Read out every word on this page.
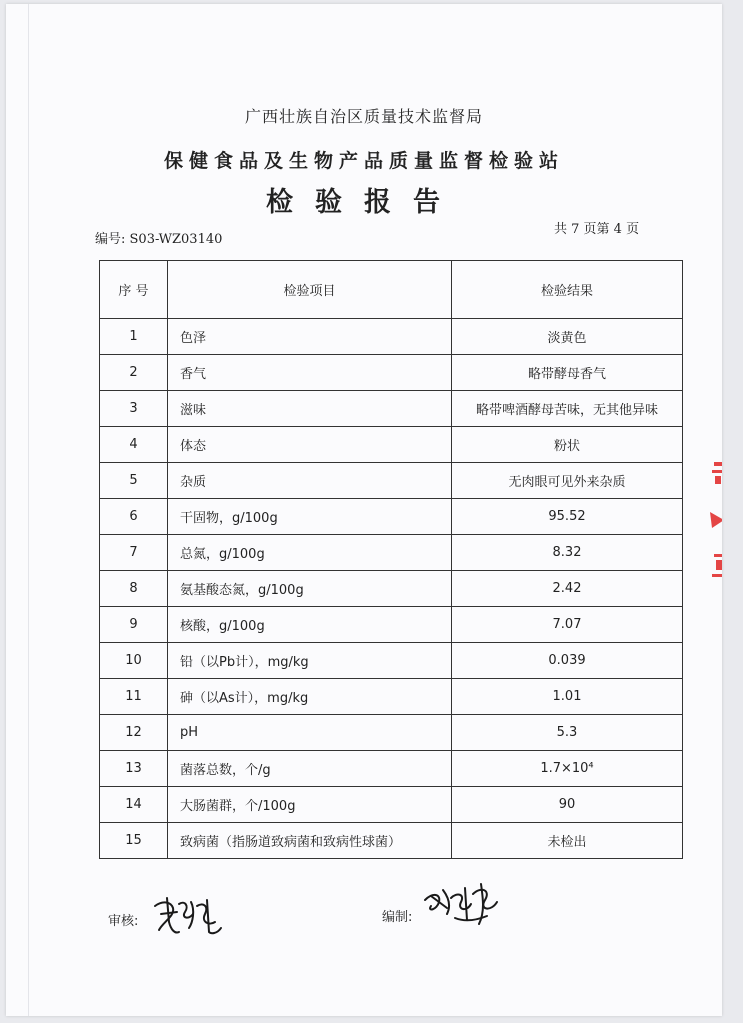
广西壮族自治区质量技术监督局
保健食品及生物产品质量监督检验站
检验报告
编号: S03-WZ03140
共 7 页第 4 页
序 号	检验项目	检验结果
1	色泽	淡黄色
2	香气	略带酵母香气
3	滋味	略带啤酒酵母苦味，无其他异味
4	体态	粉状
5	杂质	无肉眼可见外来杂质
6	干固物，g/100g	95.52
7	总氮，g/100g	8.32
8	氨基酸态氮，g/100g	2.42
9	核酸，g/100g	7.07
10	铅（以Pb计），mg/kg	0.039
11	砷（以As计），mg/kg	1.01
12	pH	5.3
13	菌落总数，个/g	1.7×10⁴
14	大肠菌群，个/100g	90
15	致病菌（指肠道致病菌和致病性球菌）	未检出
审核:	编制:
